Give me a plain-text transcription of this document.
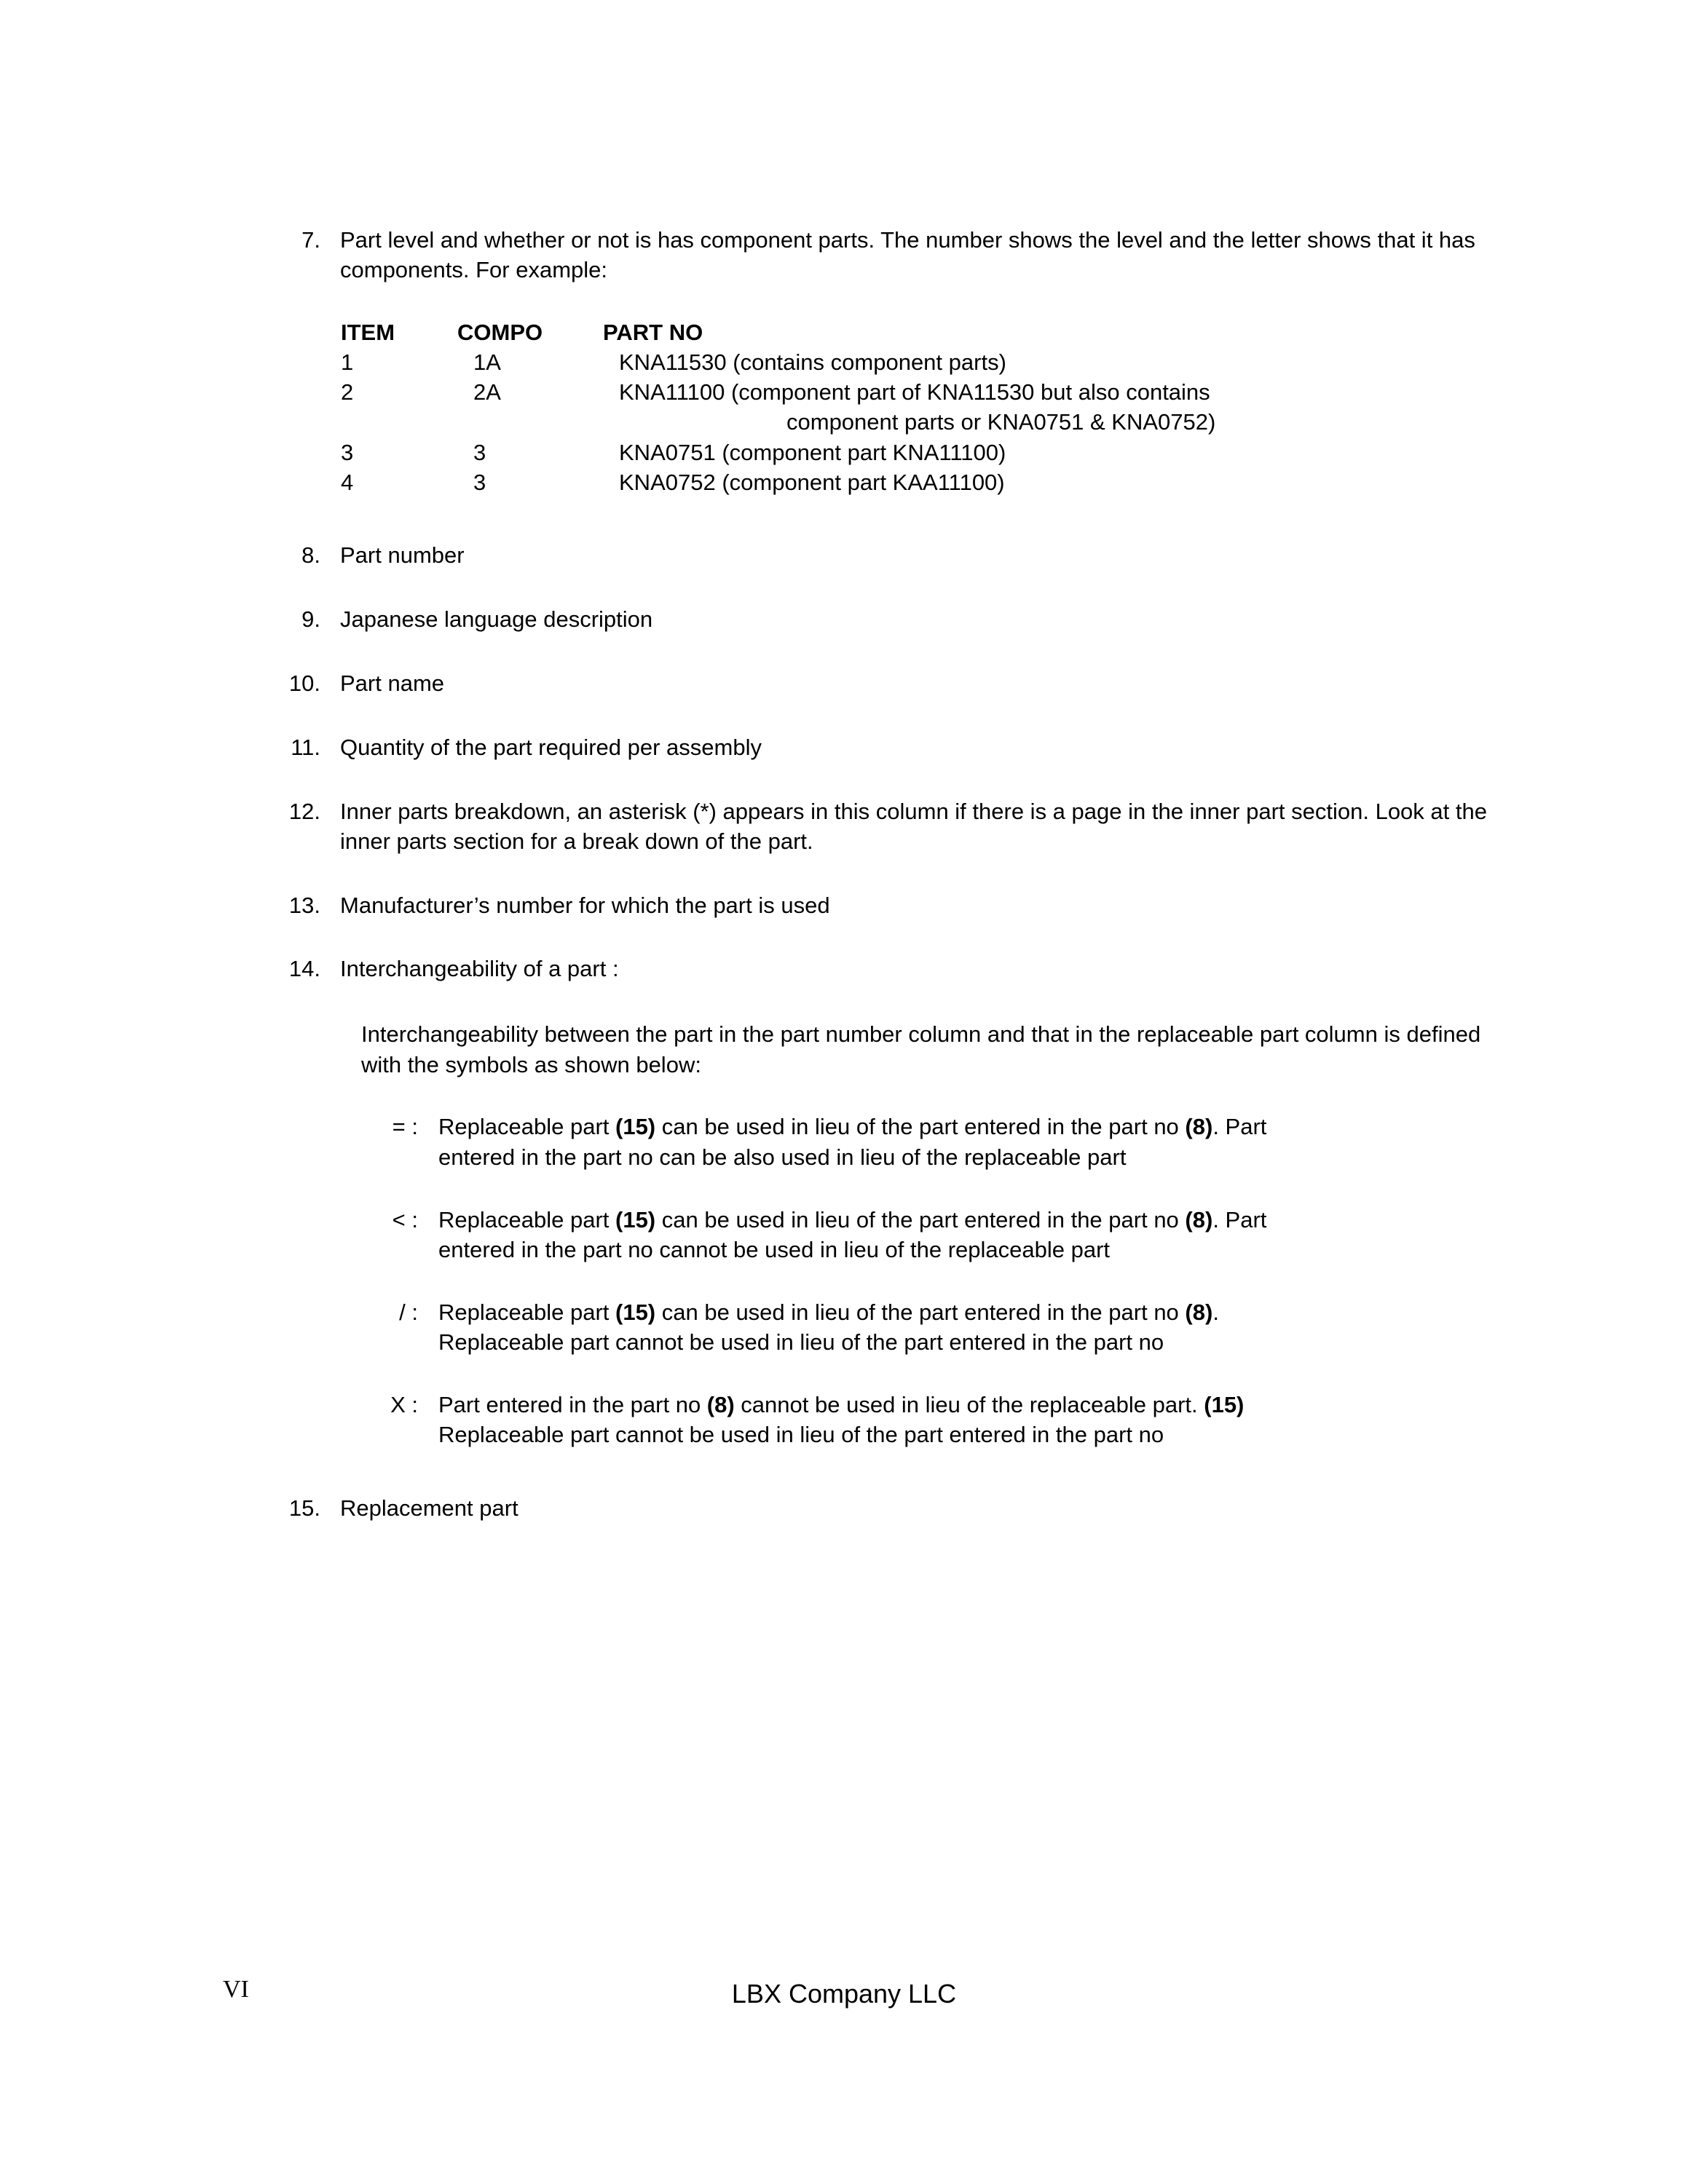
7. Part level and whether or not is has component parts. The number shows the level and the letter shows that it has components. For example:
ITEM	COMPO	PART NO
1	1A	KNA11530 (contains component parts)
2	2A	KNA11100 (component part of KNA11530 but also contains
component parts or KNA0751 & KNA0752)
3	3	KNA0751 (component part KNA11100)
4	3	KNA0752 (component part KAA11100)
8. Part number
9. Japanese language description
10. Part name
11. Quantity of the part required per assembly
12. Inner parts breakdown, an asterisk (*) appears in this column if there is a page in the inner part section. Look at the inner parts section for a break down of the part.
13. Manufacturer’s number for which the part is used
14. Interchangeability of a part :
Interchangeability between the part in the part number column and that in the replaceable part column is defined with the symbols as shown below:
= : Replaceable part (15) can be used in lieu of the part entered in the part no (8). Part
entered in the part no can be also used in lieu of the replaceable part
< : Replaceable part (15) can be used in lieu of the part entered in the part no (8). Part
entered in the part no cannot be used in lieu of the replaceable part
/ : Replaceable part (15) can be used in lieu of the part entered in the part no (8).
Replaceable part cannot be used in lieu of the part entered in the part no
X : Part entered in the part no (8) cannot be used in lieu of the replaceable part. (15)
Replaceable part cannot be used in lieu of the part entered in the part no
15. Replacement part
VI	LBX Company LLC
